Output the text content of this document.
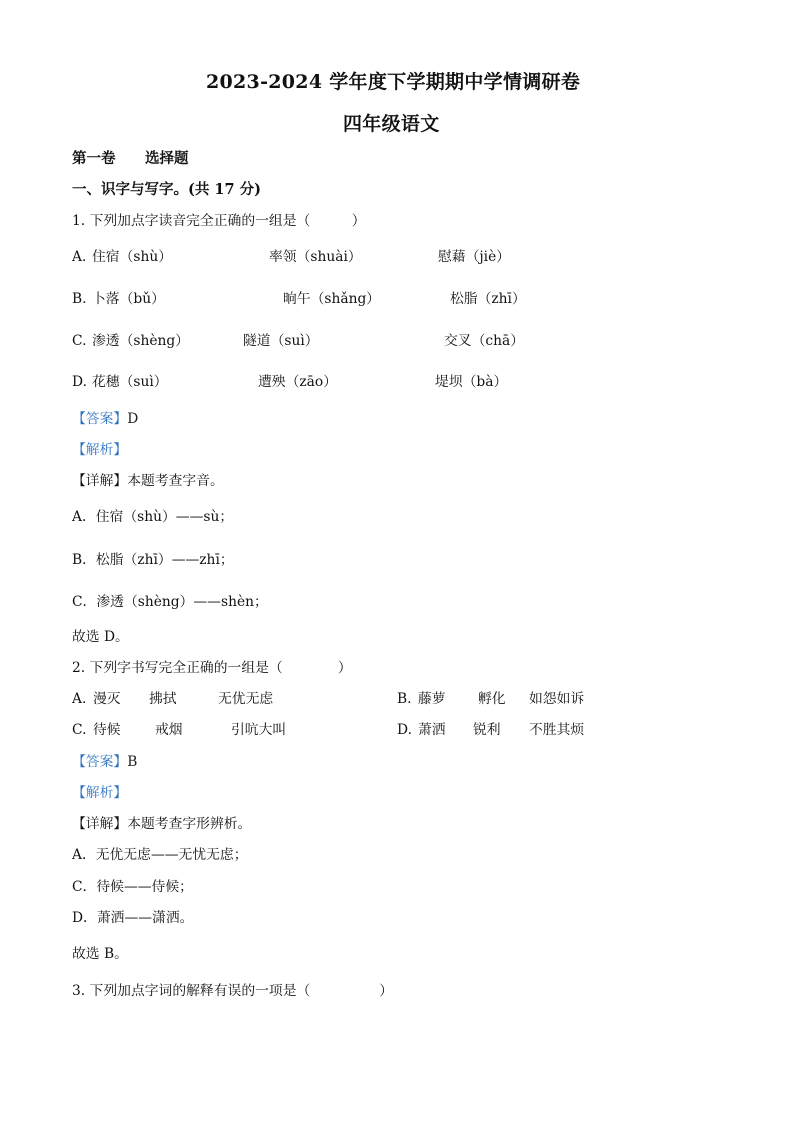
2023-2024 学年度下学期期中学情调研卷
四年级语文
第一卷 选择题
一、识字与写字。(共 17 分)
1. 下列加点字读音完全正确的一组是（　　　）
A. 住宿（shù）	率领（shuài）	慰藉（jiè）
B. 卜落（bǔ）	晌午（shǎng）	松脂（zhī）
C. 渗透（shèng）	隧道（suì）	交叉（chā）
D. 花穗（suì）	遭殃（zāo）	堤坝（bà）
【答案】D
【解析】
【详解】本题考查字音。
A．住宿（shù）——sù；
B．松脂（zhī）——zhī；
C．渗透（shèng）——shèn；
故选 D。
2. 下列字书写完全正确的一组是（　　　　）
A. 漫灭 拂拭	无优无虑	B. 藤萝 孵化 如怨如诉
C. 待候 戒烟	引吭大叫	D. 萧洒 锐利 不胜其烦
【答案】B
【解析】
【详解】本题考查字形辨析。
A．无优无虑——无忧无虑；
C．待候——侍候；
D．萧洒——潇洒。
故选 B。
3. 下列加点字词的解释有误的一项是（　　　　　）
